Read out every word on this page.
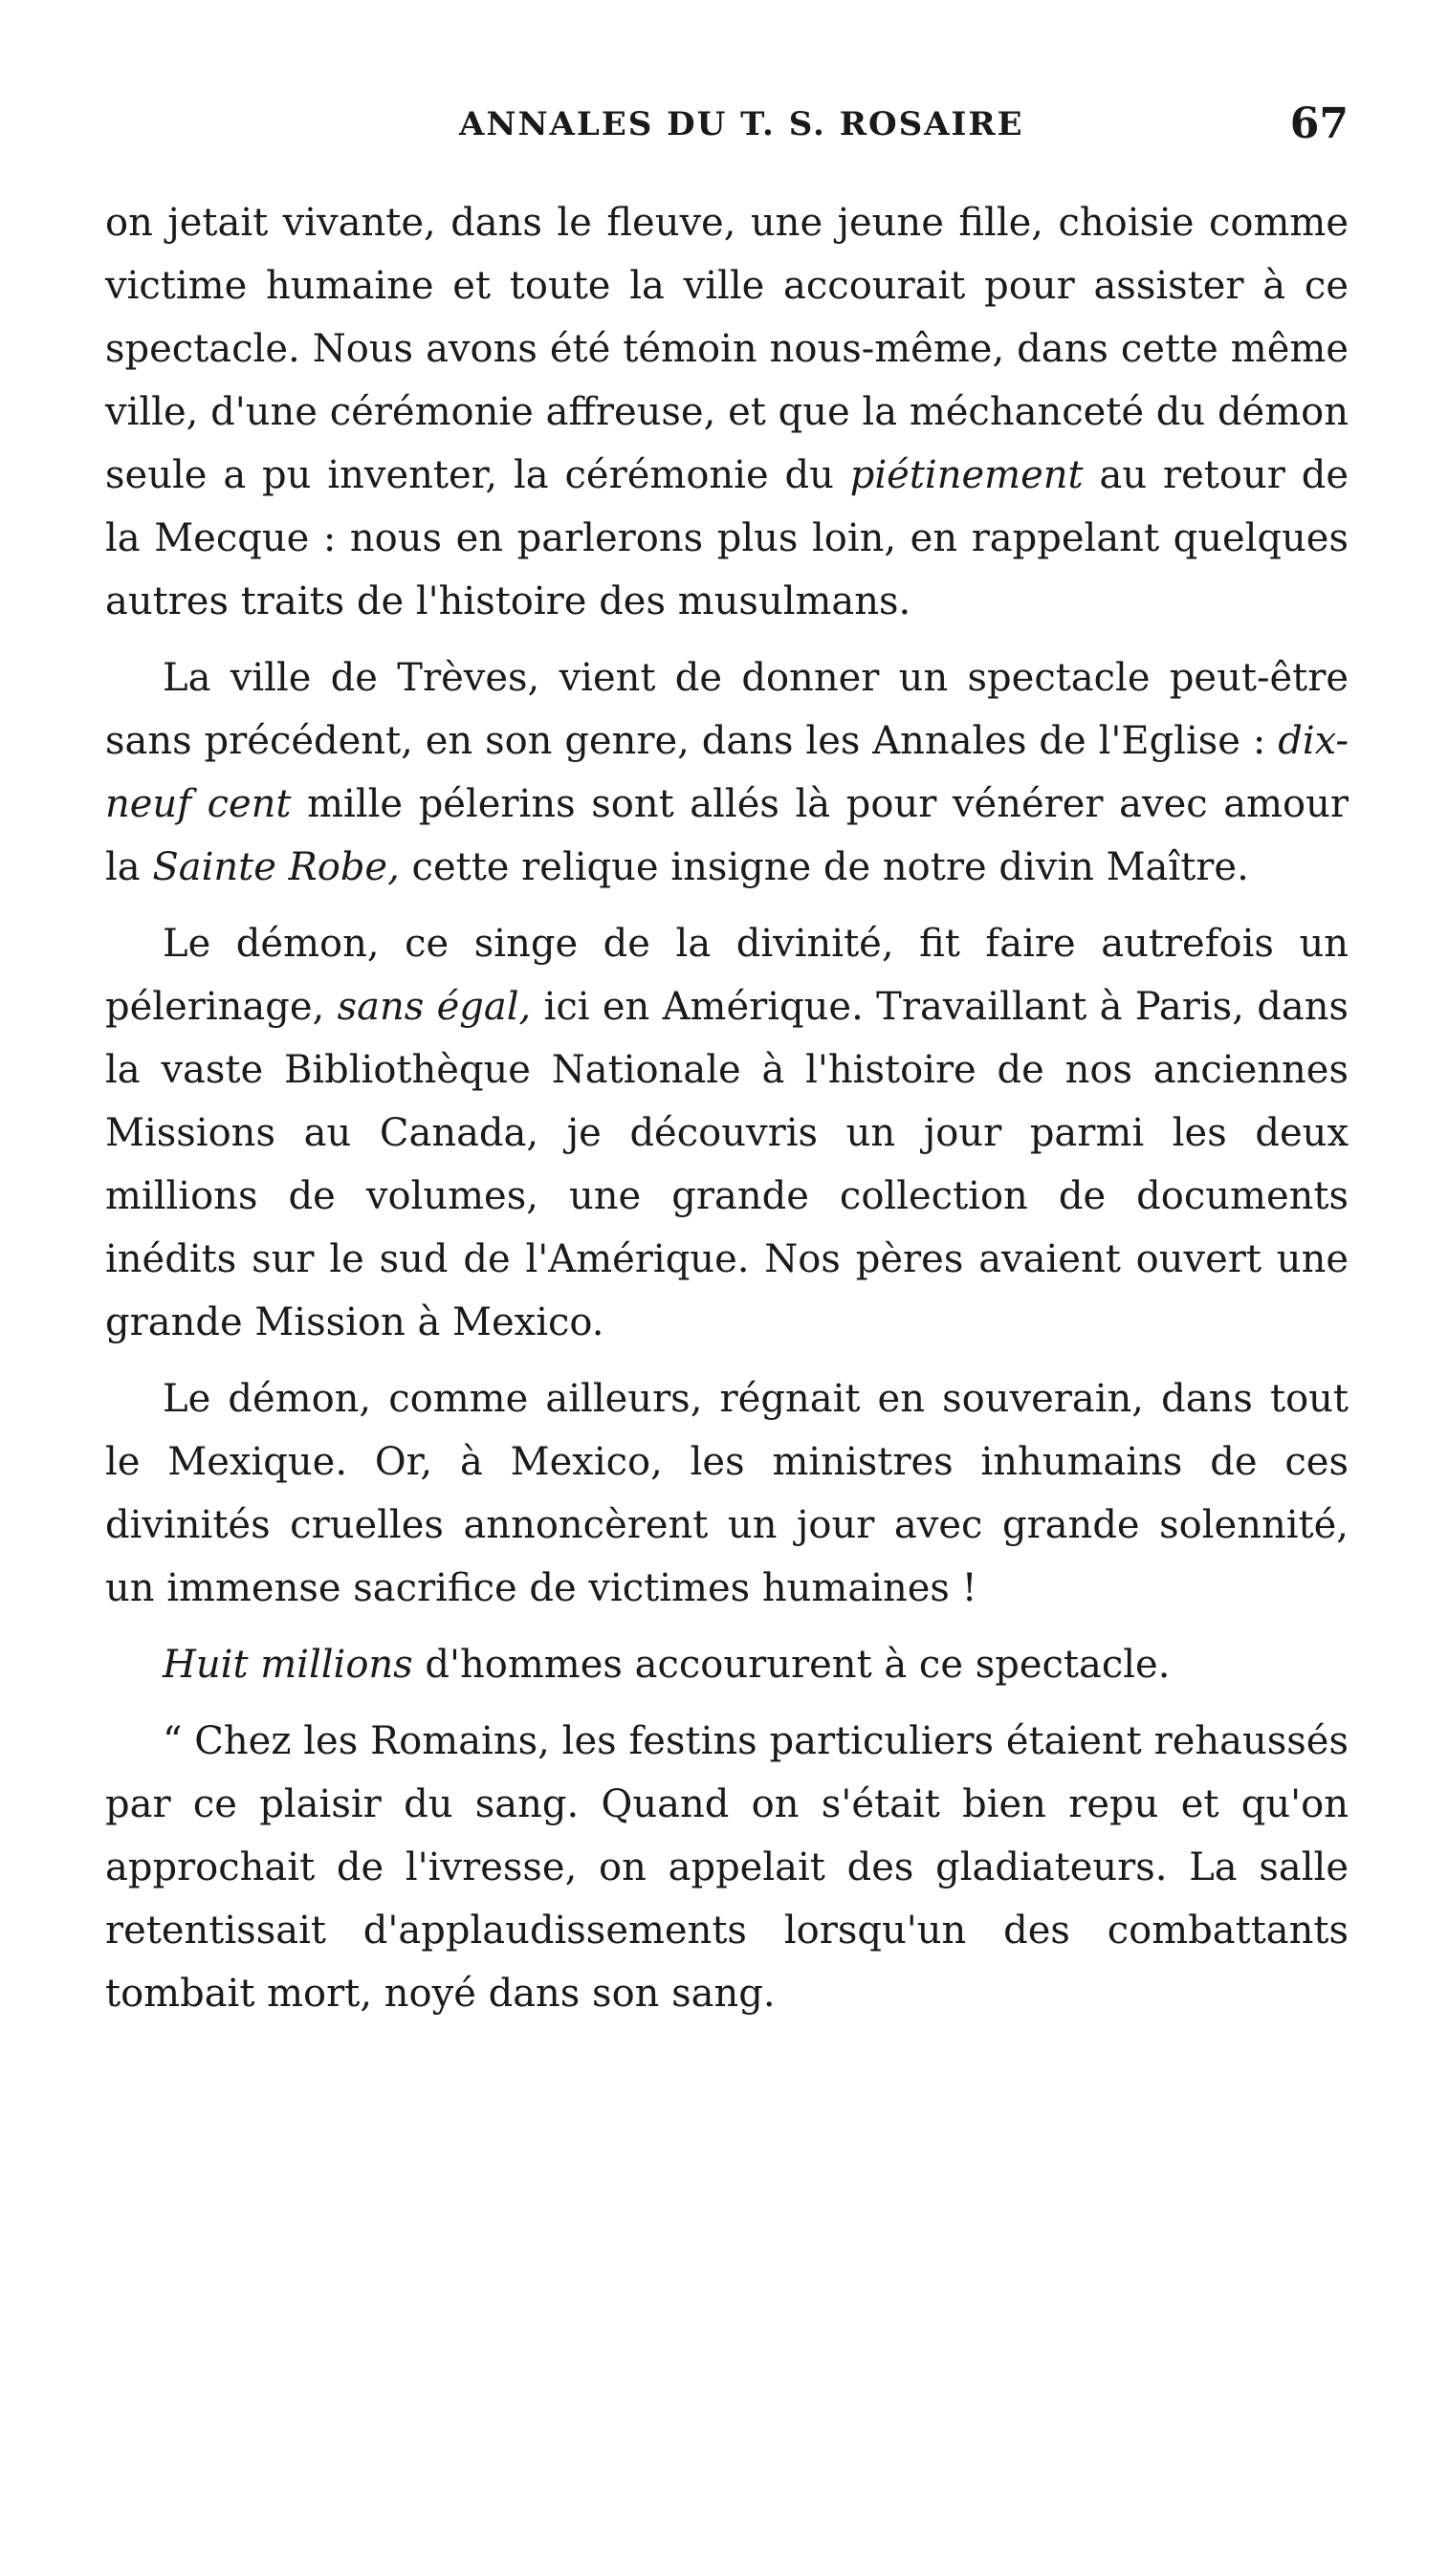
ANNALES DU T. S. ROSAIRE	67

on jetait vivante, dans le fleuve, une jeune fille, choisie comme victime humaine et toute la ville accourait pour assister à ce spectacle. Nous avons été témoin nous-même, dans cette même ville, d'une cérémonie affreuse, et que la méchanceté du démon seule a pu inventer, la cérémonie du piétinement au retour de la Mecque : nous en parlerons plus loin, en rappelant quelques autres traits de l'histoire des musulmans.

La ville de Trèves, vient de donner un spectacle peut-être sans précédent, en son genre, dans les Annales de l'Eglise : dix-neuf cent mille pélerins sont allés là pour vénérer avec amour la Sainte Robe, cette relique insigne de notre divin Maître.

Le démon, ce singe de la divinité, fit faire autrefois un pélerinage, sans égal, ici en Amérique. Travaillant à Paris, dans la vaste Bibliothèque Nationale à l'histoire de nos anciennes Missions au Canada, je découvris un jour parmi les deux millions de volumes, une grande collection de documents inédits sur le sud de l'Amérique. Nos pères avaient ouvert une grande Mission à Mexico.

Le démon, comme ailleurs, régnait en souverain, dans tout le Mexique. Or, à Mexico, les ministres inhumains de ces divinités cruelles annoncèrent un jour avec grande solennité, un immense sacrifice de victimes humaines !

Huit millions d'hommes accoururent à ce spectacle.

“ Chez les Romains, les festins particuliers étaient rehaussés par ce plaisir du sang. Quand on s'était bien repu et qu'on approchait de l'ivresse, on appelait des gladiateurs. La salle retentissait d'applaudissements lorsqu'un des combattants tombait mort, noyé dans son sang.
